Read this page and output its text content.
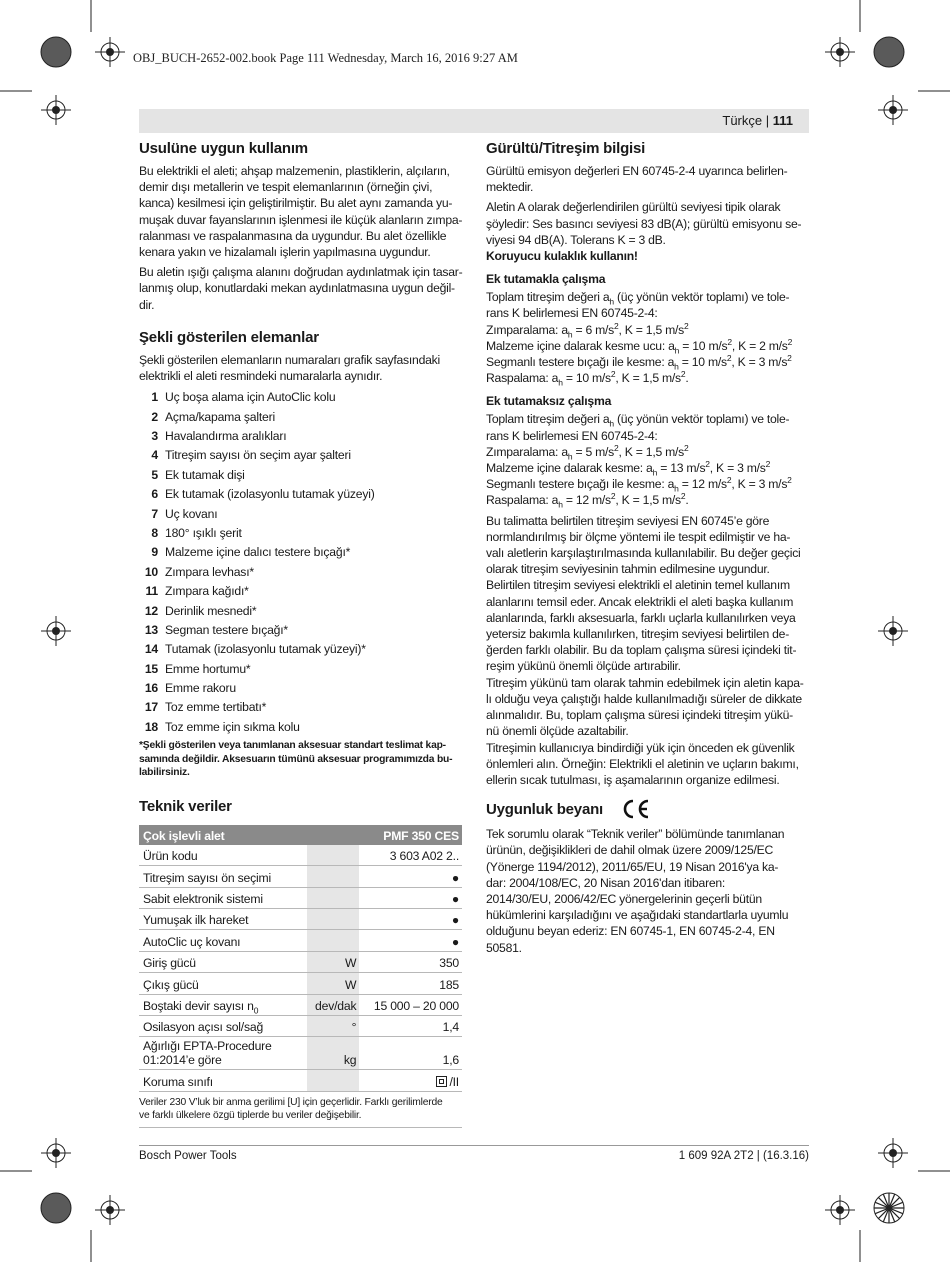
OBJ_BUCH-2652-002.book Page 111 Wednesday, March 16, 2016 9:27 AM
Türkçe | 111
Usulüne uygun kullanım

Bu elektrikli el aleti; ahşap malzemenin, plastiklerin, alçıların,
demir dışı metallerin ve tespit elemanlarının (örneğin çivi,
kanca) kesilmesi için geliştirilmiştir. Bu alet aynı zamanda yu-
muşak duvar fayanslarının işlenmesi ile küçük alanların zımpa-
ralanması ve raspalanmasına da uygundur. Bu alet özellikle
kenara yakın ve hizalamalı işlerin yapılmasına uygundur.

Bu aletin ışığı çalışma alanını doğrudan aydınlatmak için tasar-
lanmış olup, konutlardaki mekan aydınlatmasına uygun değil-
dir.

Şekli gösterilen elemanlar

Şekli gösterilen elemanların numaraları grafik sayfasındaki
elektrikli el aleti resmindeki numaralarla aynıdır.

1 Uç boşa alama için AutoClic kolu
2 Açma/kapama şalteri
3 Havalandırma aralıkları
4 Titreşim sayısı ön seçim ayar şalteri
5 Ek tutamak dişi
6 Ek tutamak (izolasyonlu tutamak yüzeyi)
7 Uç kovanı
8 180° ışıklı şerit
9 Malzeme içine dalıcı testere bıçağı*
10 Zımpara levhası*
11 Zımpara kağıdı*
12 Derinlik mesnedi*
13 Segman testere bıçağı*
14 Tutamak (izolasyonlu tutamak yüzeyi)*
15 Emme hortumu*
16 Emme rakoru
17 Toz emme tertibatı*
18 Toz emme için sıkma kolu
*Şekli gösterilen veya tanımlanan aksesuar standart teslimat kap-
samında değildir. Aksesuarın tümünü aksesuar programımızda bu-
labilirsiniz.
Teknik veriler
Çok işlevli alet		PMF 350 CES
Ürün kodu		3 603 A02 2..
Titreşim sayısı ön seçimi		●
Sabit elektronik sistemi		●
Yumuşak ilk hareket		●
AutoClic uç kovanı		●
Giriş gücü	W	350
Çıkış gücü	W	185
Boştaki devir sayısı $n_0$	dev/dak	15 000 – 20 000
Osilasyon açısı sol/sağ	°	1,4
Ağırlığı EPTA-Procedure
01:2014’e göre	kg	1,6
Koruma sınıfı		/II
Veriler 230 V’luk bir anma gerilimi [U] için geçerlidir. Farklı gerilimlerde
ve farklı ülkelere özgü tiplerde bu veriler değişebilir.
Gürültü/Titreşim bilgisi

Gürültü emisyon değerleri EN 60745-2-4 uyarınca belirlen-
mektedir.

Aletin A olarak değerlendirilen gürültü seviyesi tipik olarak
şöyledir: Ses basıncı seviyesi 83 dB(A); gürültü emisyonu se-
viyesi 94 dB(A). Tolerans K = 3 dB.
Koruyucu kulaklık kullanın!

Ek tutamakla çalışma

Toplam titreşim değeri $a_h$ (üç yönün vektör toplamı) ve tole-
rans K belirlemesi EN 60745-2-4:
Zımparalama: $a_h = 6$ $m/s^2$, K = 1,5 $m/s^2$
Malzeme içine dalarak kesme ucu: $a_h = 10$ $m/s^2$, K = 2 $m/s^2$
Segmanlı testere bıçağı ile kesme: $a_h = 10$ $m/s^2$, K = 3 $m/s^2$
Raspalama: $a_h = 10$ $m/s^2$, K = 1,5 $m/s^2$.

Ek tutamaksız çalışma

Toplam titreşim değeri $a_h$ (üç yönün vektör toplamı) ve tole-
rans K belirlemesi EN 60745-2-4:
Zımparalama: $a_h = 5$ $m/s^2$, K = 1,5 $m/s^2$
Malzeme içine dalarak kesme: $a_h = 13$ $m/s^2$, K = 3 $m/s^2$
Segmanlı testere bıçağı ile kesme: $a_h = 12$ $m/s^2$, K = 3 $m/s^2$
Raspalama: $a_h = 12$ $m/s^2$, K = 1,5 $m/s^2$.

Bu talimatta belirtilen titreşim seviyesi EN 60745’e göre
normlandırılmış bir ölçme yöntemi ile tespit edilmiştir ve ha-
valı aletlerin karşılaştırılmasında kullanılabilir. Bu değer geçici
olarak titreşim seviyesinin tahmin edilmesine uygundur.
Belirtilen titreşim seviyesi elektrikli el aletinin temel kullanım
alanlarını temsil eder. Ancak elektrikli el aleti başka kullanım
alanlarında, farklı aksesuarla, farklı uçlarla kullanılırken veya
yetersiz bakımla kullanılırken, titreşim seviyesi belirtilen de-
ğerden farklı olabilir. Bu da toplam çalışma süresi içindeki tit-
reşim yükünü önemli ölçüde artırabilir.
Titreşim yükünü tam olarak tahmin edebilmek için aletin kapa-
lı olduğu veya çalıştığı halde kullanılmadığı süreler de dikkate
alınmalıdır. Bu, toplam çalışma süresi içindeki titreşim yükü-
nü önemli ölçüde azaltabilir.
Titreşimin kullanıcıya bindirdiği yük için önceden ek güvenlik
önlemleri alın. Örneğin: Elektrikli el aletinin ve uçların bakımı,
ellerin sıcak tutulması, iş aşamalarının organize edilmesi.

Uygunluk beyanı

Tek sorumlu olarak “Teknik veriler” bölümünde tanımlanan
ürünün, değişiklikleri de dahil olmak üzere 2009/125/EC
(Yönerge 1194/2012), 2011/65/EU, 19 Nisan 2016'ya ka-
dar: 2004/108/EC, 20 Nisan 2016'dan itibaren:
2014/30/EU, 2006/42/EC yönergelerinin geçerli bütün
hükümlerini karşıladığını ve aşağıdaki standartlarla uyumlu
olduğunu beyan ederiz: EN 60745-1, EN 60745-2-4, EN
50581.

Bosch Power Tools	1 609 92A 2T2 | (16.3.16)
